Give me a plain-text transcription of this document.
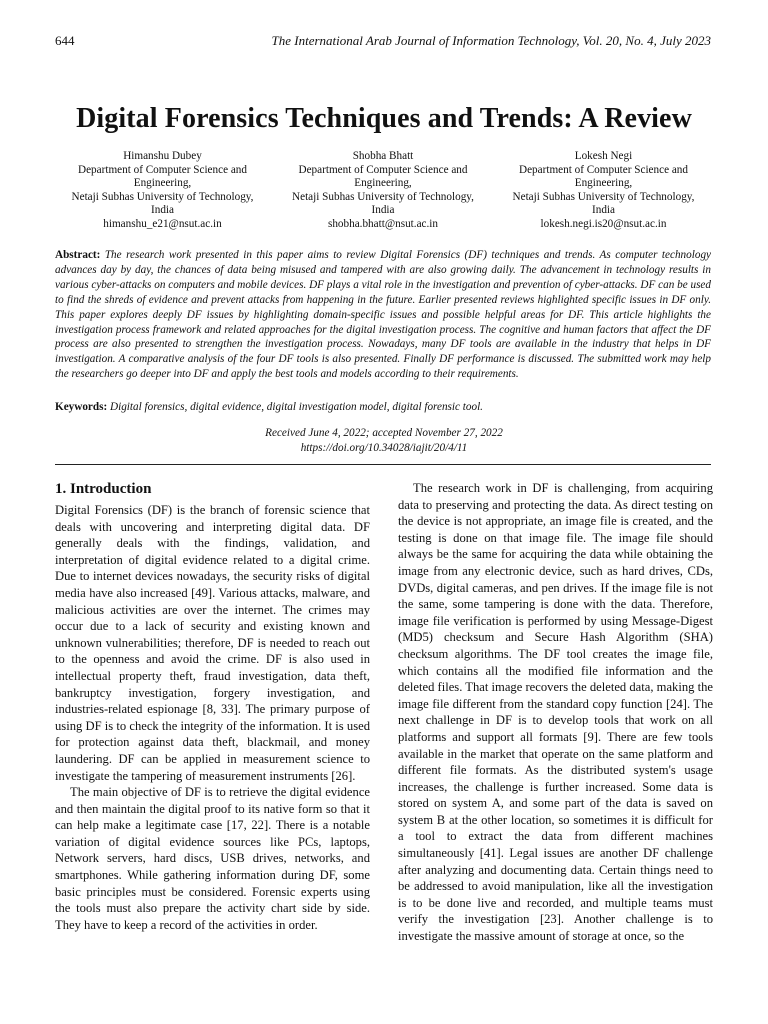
644	The International Arab Journal of Information Technology, Vol. 20, No. 4, July 2023
Digital Forensics Techniques and Trends: A Review
Himanshu Dubey
Department of Computer Science and Engineering,
Netaji Subhas University of Technology,
India
himanshu_e21@nsut.ac.in
Shobha Bhatt
Department of Computer Science and Engineering,
Netaji Subhas University of Technology,
India
shobha.bhatt@nsut.ac.in
Lokesh Negi
Department of Computer Science and Engineering,
Netaji Subhas University of Technology,
India
lokesh.negi.is20@nsut.ac.in
Abstract: The research work presented in this paper aims to review Digital Forensics (DF) techniques and trends. As computer technology advances day by day, the chances of data being misused and tampered with are also growing daily. The advancement in technology results in various cyber-attacks on computers and mobile devices. DF plays a vital role in the investigation and prevention of cyber-attacks. DF can be used to find the shreds of evidence and prevent attacks from happening in the future. Earlier presented reviews highlighted specific issues in DF only. This paper explores deeply DF issues by highlighting domain-specific issues and possible helpful areas for DF. This article highlights the investigation process framework and related approaches for the digital investigation process. The cognitive and human factors that affect the DF process are also presented to strengthen the investigation process. Nowadays, many DF tools are available in the industry that helps in DF investigation. A comparative analysis of the four DF tools is also presented. Finally DF performance is discussed. The submitted work may help the researchers go deeper into DF and apply the best tools and models according to their requirements.
Keywords: Digital forensics, digital evidence, digital investigation model, digital forensic tool.
Received June 4, 2022; accepted November 27, 2022
https://doi.org/10.34028/iajit/20/4/11
1. Introduction

Digital Forensics (DF) is the branch of forensic science that deals with uncovering and interpreting digital data. DF generally deals with the findings, validation, and interpretation of digital evidence related to a digital crime. Due to internet devices nowadays, the security risks of digital media have also increased [49]. Various attacks, malware, and malicious activities are over the internet. The crimes may occur due to a lack of security and existing known and unknown vulnerabilities; therefore, DF is needed to reach out to the openness and avoid the crime. DF is also used in intellectual property theft, fraud investigation, data theft, bankruptcy investigation, forgery investigation, and industries-related espionage [8, 33]. The primary purpose of using DF is to check the integrity of the information. It is used for protection against data theft, blackmail, and money laundering. DF can be applied in measurement science to investigate the tampering of measurement instruments [26].

The main objective of DF is to retrieve the digital evidence and then maintain the digital proof to its native form so that it can help make a legitimate case [17, 22]. There is a notable variation of digital evidence sources like PCs, laptops, Network servers, hard discs, USB drives, networks, and smartphones. While gathering information during DF, some basic principles must be considered. Forensic experts using the tools must also prepare the activity chart side by side. They have to keep a record of the activities in order.

The research work in DF is challenging, from acquiring data to preserving and protecting the data. As direct testing on the device is not appropriate, an image file is created, and the testing is done on that image file. The image file should always be the same for acquiring the data while obtaining the image from any electronic device, such as hard drives, CDs, DVDs, digital cameras, and pen drives. If the image file is not the same, some tampering is done with the data. Therefore, image file verification is performed by using Message-Digest (MD5) checksum and Secure Hash Algorithm (SHA) checksum algorithms. The DF tool creates the image file, which contains all the modified file information and the deleted files. That image recovers the deleted data, making the image file different from the standard copy function [24]. The next challenge in DF is to develop tools that work on all platforms and support all formats [9]. There are few tools available in the market that operate on the same platform and different file formats. As the distributed system's usage increases, the challenge is further increased. Some data is stored on system A, and some part of the data is saved on system B at the other location, so sometimes it is difficult for a tool to extract the data from different machines simultaneously [41]. Legal issues are another DF challenge after analyzing and documenting data. Certain things need to be addressed to avoid manipulation, like all the investigation is to be done live and recorded, and multiple teams must verify the investigation [23]. Another challenge is to investigate the massive amount of storage at once, so the
